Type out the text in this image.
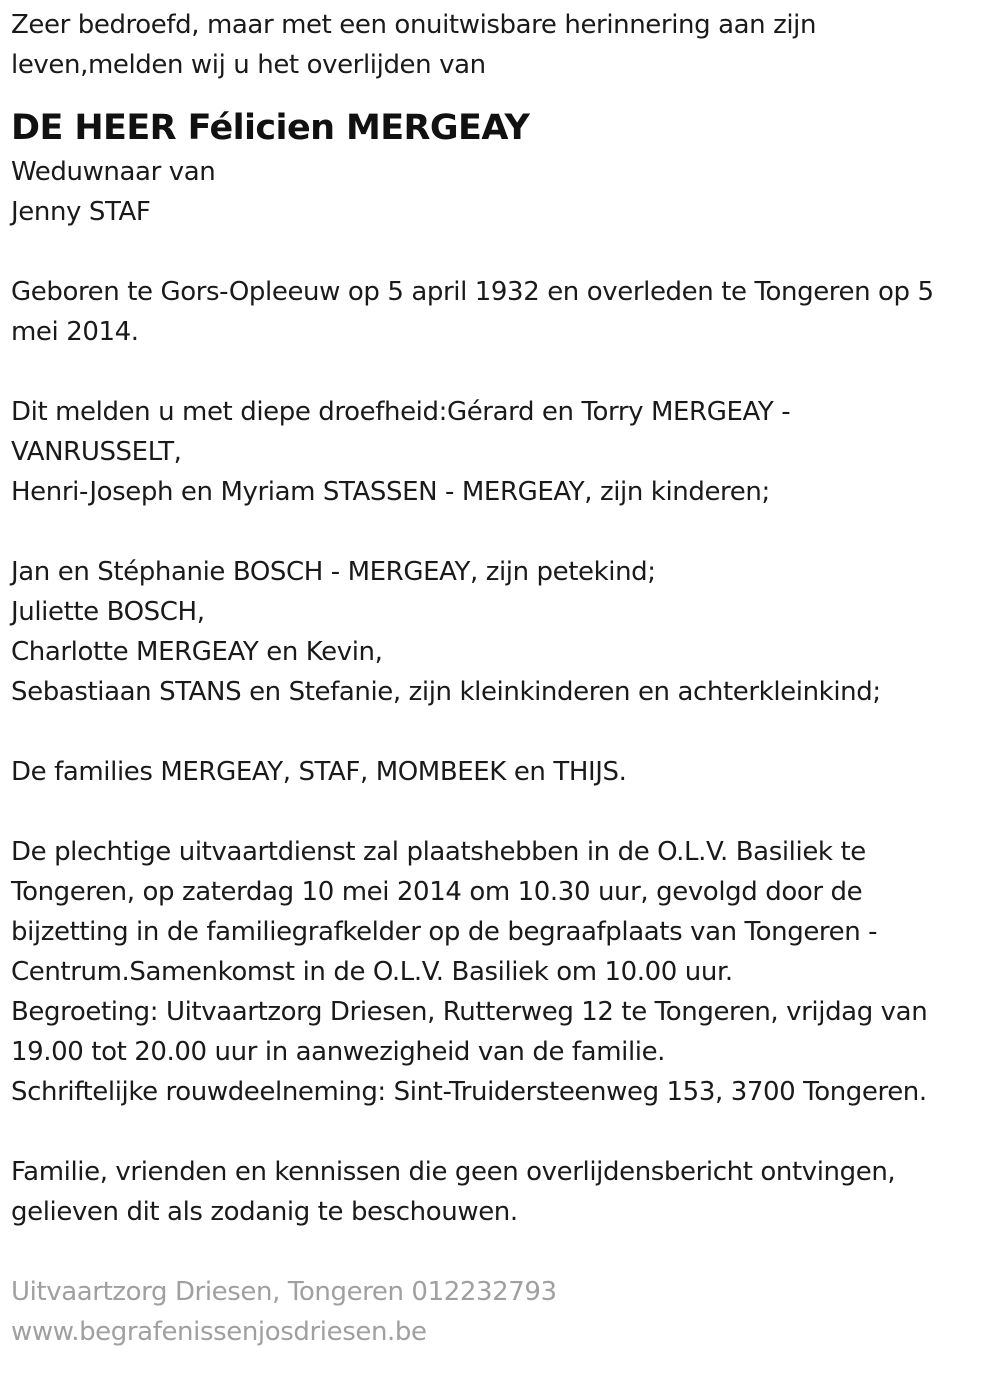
Zeer bedroefd, maar met een onuitwisbare herinnering aan zijn
leven,melden wij u het overlijden van
DE HEER Félicien MERGEAY
Weduwnaar van
Jenny STAF
Geboren te Gors-Opleeuw op 5 april 1932 en overleden te Tongeren op 5
mei 2014.
Dit melden u met diepe droefheid:Gérard en Torry MERGEAY -
VANRUSSELT,
Henri-Joseph en Myriam STASSEN - MERGEAY, zijn kinderen;
Jan en Stéphanie BOSCH - MERGEAY, zijn petekind;
Juliette BOSCH,
Charlotte MERGEAY en Kevin,
Sebastiaan STANS en Stefanie, zijn kleinkinderen en achterkleinkind;
De families MERGEAY, STAF, MOMBEEK en THIJS.
De plechtige uitvaartdienst zal plaatshebben in de O.L.V. Basiliek te
Tongeren, op zaterdag 10 mei 2014 om 10.30 uur, gevolgd door de
bijzetting in de familiegrafkelder op de begraafplaats van Tongeren -
Centrum.Samenkomst in de O.L.V. Basiliek om 10.00 uur.
Begroeting: Uitvaartzorg Driesen, Rutterweg 12 te Tongeren, vrijdag van
19.00 tot 20.00 uur in aanwezigheid van de familie.
Schriftelijke rouwdeelneming: Sint-Truidersteenweg 153, 3700 Tongeren.
Familie, vrienden en kennissen die geen overlijdensbericht ontvingen,
gelieven dit als zodanig te beschouwen.
Uitvaartzorg Driesen, Tongeren 012232793
www.begrafenissenjosdriesen.be
